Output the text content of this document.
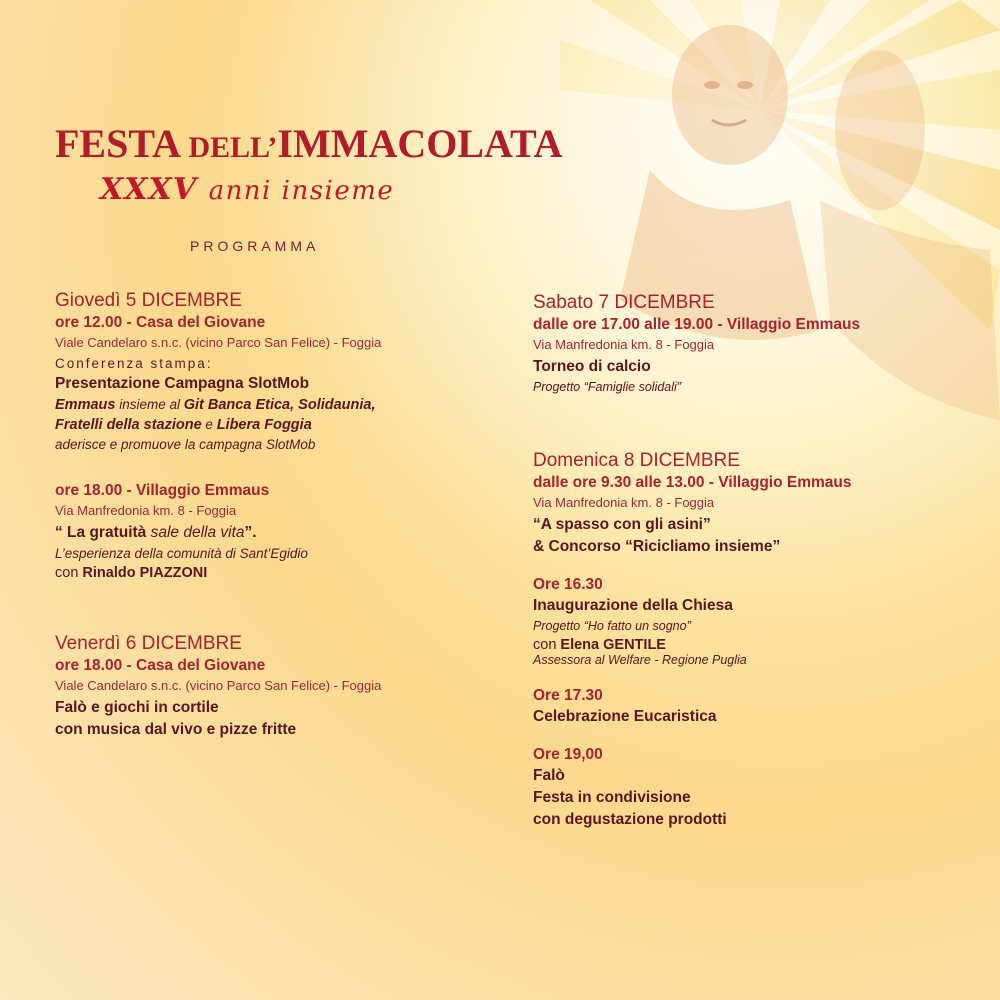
FESTA DELL’IMMACOLATA
XXXV anni insieme
PROGRAMMA

Giovedì 5 DICEMBRE

ore 12.00 - Casa del Giovane

Viale Candelaro s.n.c. (vicino Parco San Felice) - Foggia

Conferenza stampa:

Presentazione Campagna SlotMob

Emmaus insieme al Git Banca Etica, Solidaunia,

Fratelli della stazione e Libera Foggia

aderisce e promuove la campagna SlotMob

ore 18.00 - Villaggio Emmaus

Via Manfredonia km. 8 - Foggia

“ La gratuità sale della vita”.

L’esperienza della comunità di Sant’Egidio

con Rinaldo PIAZZONI

Venerdì 6 DICEMBRE

ore 18.00 - Casa del Giovane

Viale Candelaro s.n.c. (vicino Parco San Felice) - Foggia

Falò e giochi in cortile

con musica dal vivo e pizze fritte

Sabato 7 DICEMBRE

dalle ore 17.00 alle 19.00 - Villaggio Emmaus

Via Manfredonia km. 8 - Foggia

Torneo di calcio

Progetto “Famiglie solidali”

Domenica 8 DICEMBRE

dalle ore 9.30 alle 13.00 - Villaggio Emmaus

Via Manfredonia km. 8 - Foggia

“A spasso con gli asini”

& Concorso “Ricicliamo insieme”

Ore 16.30

Inaugurazione della Chiesa

Progetto “Ho fatto un sogno”

con Elena GENTILE

Assessora al Welfare - Regione Puglia

Ore 17.30

Celebrazione Eucaristica

Ore 19,00

Falò

Festa in condivisione

con degustazione prodotti
